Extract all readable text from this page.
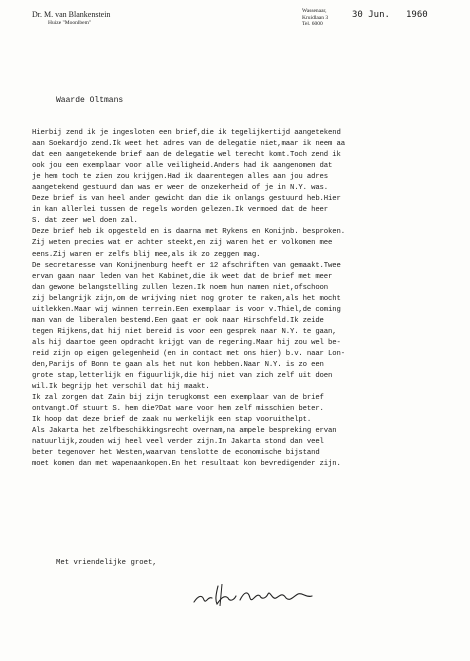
Dr. M. van Blankenstein
Huize "Moonlbem"
Wassenaar,
Kruidlaan 3
Tel. 6000
30 Jun. 1960
Waarde Oltmans
Hierbij zend ik je ingesloten een brief,die ik tegelijkertijd aangetekend
aan Soekardjo zend.Ik weet het adres van de delegatie niet,maar ik neem aa
dat een aangetekende brief aan de delegatie wel terecht komt.Toch zend ik
ook jou een exemplaar voor alle veiligheid.Anders had ik aangenomen dat
je hem toch te zien zou krijgen.Had ik daarentegen alles aan jou adres
aangetekend gestuurd dan was er weer de onzekerheid of je in N.Y. was.
Deze brief is van heel ander gewicht dan die ik onlangs gestuurd heb.Hier
in kan allerlei tussen de regels worden gelezen.Ik vermoed dat de heer
S. dat zeer wel doen zal.
Deze brief heb ik opgesteld en is daarna met Rykens en Konijnb. besproken.
Zij weten precies wat er achter steekt,en zij waren het er volkomen mee
eens.Zij waren er zelfs blij mee,als ik zo zeggen mag.
De secretaresse van Konijnenburg heeft er 12 afschriften van gemaakt.Twee
ervan gaan naar leden van het Kabinet,die ik weet dat de brief met meer
dan gewone belangstelling zullen lezen.Ik noem hun namen niet,ofschoon
zij belangrijk zijn,om de wrijving niet nog groter te raken,als het mocht
uitlekken.Maar wij winnen terrein.Een exemplaar is voor v.Thiel,de coming
man van de liberalen bestemd.Een gaat er ook naar Hirschfeld.Ik zeide
tegen Rijkens,dat hij niet bereid is voor een gesprek naar N.Y. te gaan,
als hij daartoe geen opdracht krijgt van de regering.Maar hij zou wel be-
reid zijn op eigen gelegenheid (en in contact met ons hier) b.v. naar Lon-
den,Parijs of Bonn te gaan als het nut kon hebben.Naar N.Y. is zo een
grote stap,letterlijk en figuurlijk,die hij niet van zich zelf uit doen
wil.Ik begrijp het verschil dat hij maakt.
Ik zal zorgen dat Zain bij zijn terugkomst een exemplaar van de brief
ontvangt.Of stuurt S. hem die?Dat ware voor hem zelf misschien beter.
Ik hoop dat deze brief de zaak nu werkelijk een stap vooruithelpt.
Als Jakarta het zelfbeschikkingsrecht overnam,na ampele bespreking ervan
natuurlijk,zouden wij heel veel verder zijn.In Jakarta stond dan veel
beter tegenover het Westen,waarvan tenslotte de economische bijstand
moet komen dan met wapenaankopen.En het resultaat kon bevredigender zijn.
Met vriendelijke groet,
